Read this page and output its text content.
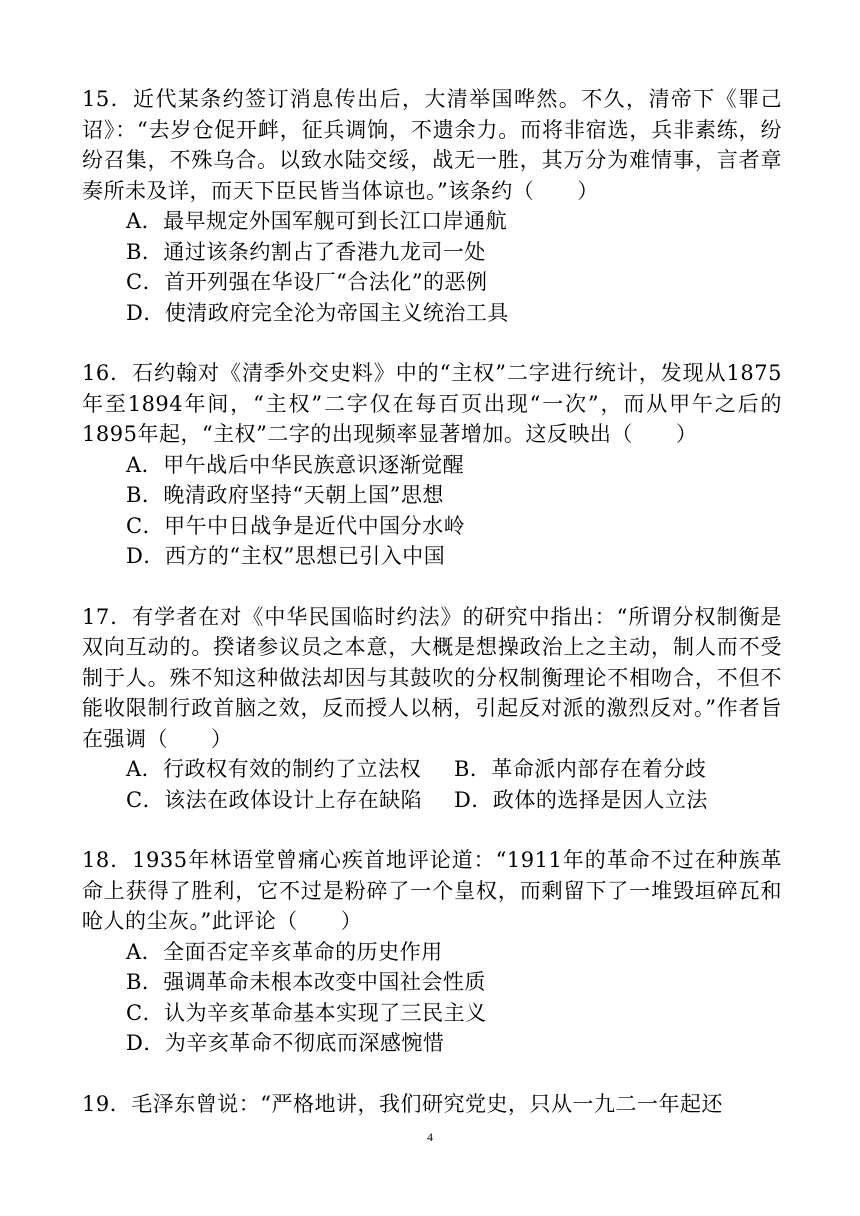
15．近代某条约签订消息传出后，大清举国哗然。不久，清帝下《罪己诏》：“去岁仓促开衅，征兵调饷，不遗余力。而将非宿选，兵非素练，纷纷召集，不殊乌合。以致水陆交绥，战无一胜，其万分为难情事，言者章奏所未及详，而天下臣民皆当体谅也。”该条约（　　）

A．最早规定外国军舰可到长江口岸通航

B．通过该条约割占了香港九龙司一处

C．首开列强在华设厂“合法化”的恶例

D．使清政府完全沦为帝国主义统治工具

16．石约翰对《清季外交史料》中的“主权”二字进行统计，发现从1875年至1894年间，“主权”二字仅在每百页出现“一次”，而从甲午之后的1895年起，“主权”二字的出现频率显著增加。这反映出（　　）

A．甲午战后中华民族意识逐渐觉醒

B．晚清政府坚持“天朝上国”思想

C．甲午中日战争是近代中国分水岭

D．西方的“主权”思想已引入中国

17．有学者在对《中华民国临时约法》的研究中指出：“所谓分权制衡是双向互动的。揆诸参议员之本意，大概是想操政治上之主动，制人而不受制于人。殊不知这种做法却因与其鼓吹的分权制衡理论不相吻合，不但不能收限制行政首脑之效，反而授人以柄，引起反对派的激烈反对。”作者旨在强调（　　）

A．行政权有效的制约了立法权	B．革命派内部存在着分歧
C．该法在政体设计上存在缺陷	D．政体的选择是因人立法

18．1935年林语堂曾痛心疾首地评论道：“1911年的革命不过在种族革命上获得了胜利，它不过是粉碎了一个皇权，而剩留下了一堆毁垣碎瓦和呛人的尘灰。”此评论（　　）

A．全面否定辛亥革命的历史作用

B．强调革命未根本改变中国社会性质

C．认为辛亥革命基本实现了三民主义

D．为辛亥革命不彻底而深感惋惜

19．毛泽东曾说：“严格地讲，我们研究党史，只从一九二一年起还

4
